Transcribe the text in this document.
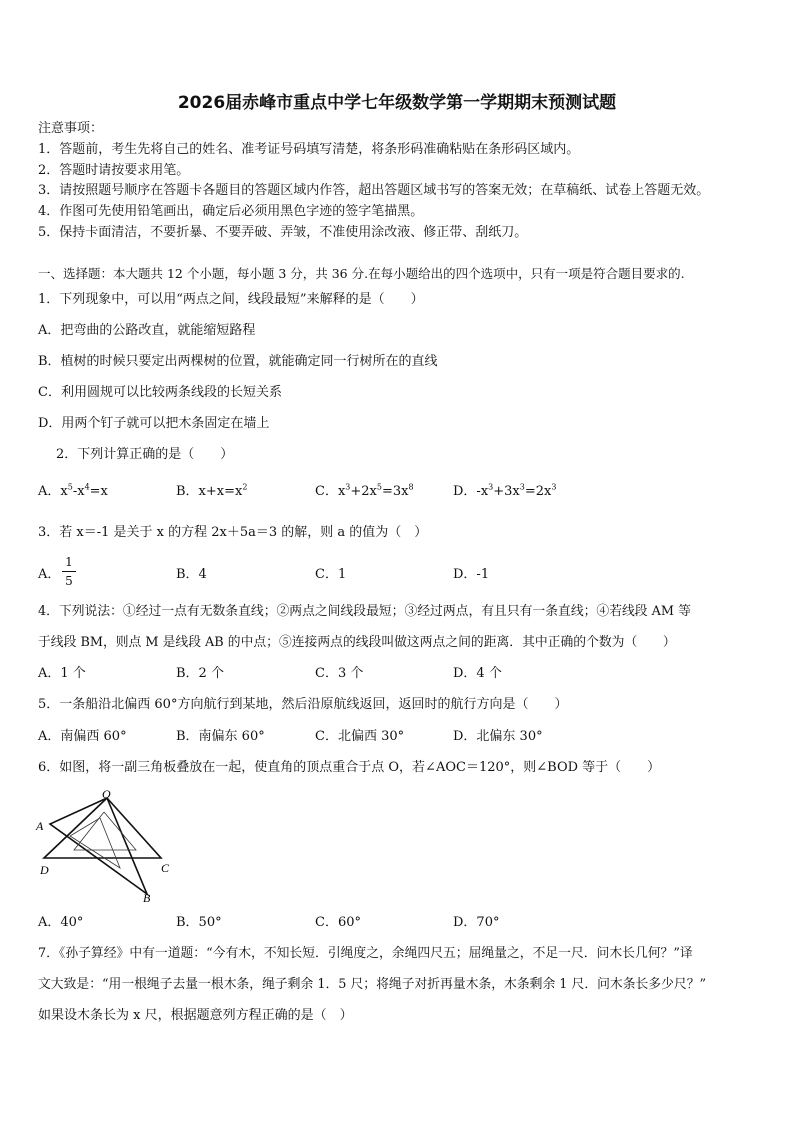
2026届赤峰市重点中学七年级数学第一学期期末预测试题
注意事项：
1．答题前，考生先将自己的姓名、准考证号码填写清楚，将条形码准确粘贴在条形码区域内。
2．答题时请按要求用笔。
3．请按照题号顺序在答题卡各题目的答题区域内作答，超出答题区域书写的答案无效；在草稿纸、试卷上答题无效。
4．作图可先使用铅笔画出，确定后必须用黑色字迹的签字笔描黑。
5．保持卡面清洁，不要折暴、不要弄破、弄皱，不准使用涂改液、修正带、刮纸刀。
一、选择题：本大题共 12 个小题，每小题 3 分，共 36 分.在每小题给出的四个选项中，只有一项是符合题目要求的.
1．下列现象中，可以用“两点之间，线段最短”来解释的是（　　）
A．把弯曲的公路改直，就能缩短路程
B．植树的时候只要定出两棵树的位置，就能确定同一行树所在的直线
C．利用圆规可以比较两条线段的长短关系
D．用两个钉子就可以把木条固定在墙上
2．下列计算正确的是（　　）
A．$x^5-x^4=x$	B．$x+x=x^2$	C．$x^3+2x^5=3x^8$	D．$-x^3+3x^3=2x^3$
3．若 x＝-1 是关于 x 的方程 2x＋5a＝3 的解，则 a 的值为（　）
A．
1
5	B．4	C．1	D．-1
4．下列说法：①经过一点有无数条直线；②两点之间线段最短；③经过两点，有且只有一条直线；④若线段 AM 等
于线段 BM，则点 M 是线段 AB 的中点；⑤连接两点的线段叫做这两点之间的距离．其中正确的个数为（　　）
A．1 个	B．2 个	C．3 个	D．4 个
5．一条船沿北偏西 60°方向航行到某地，然后沿原航线返回，返回时的航行方向是（　　）
A．南偏西 60°	B．南偏东 60°	C．北偏西 30°	D．北偏东 30°
6．如图，将一副三角板叠放在一起，使直角的顶点重合于点 O，若∠AOC＝120°，则∠BOD 等于（　　）
O
A
D	C
B
A．40°	B．50°	C．60°	D．70°
7．《孙子算经》中有一道题：“今有木，不知长短．引绳度之，余绳四尺五；屈绳量之，不足一尺．问木长几何？”译
文大致是：“用一根绳子去量一根木条，绳子剩余 1．5 尺；将绳子对折再量木条，木条剩余 1 尺．问木条长多少尺？”
如果设木条长为 x 尺，根据题意列方程正确的是（　）
